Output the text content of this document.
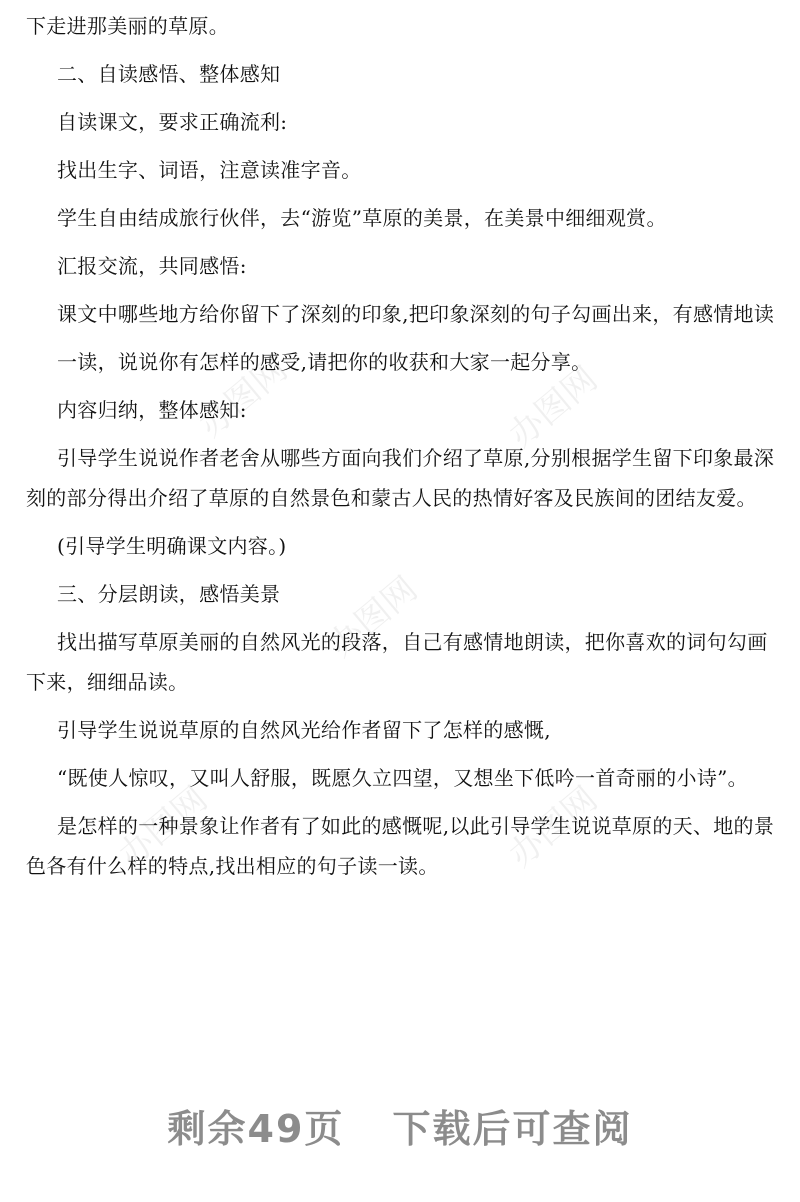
办图网	办图网
办图网
办图网	办图网

下走进那美丽的草原。

二、自读感悟、整体感知

自读课文，要求正确流利:

找出生字、词语，注意读准字音。

学生自由结成旅行伙伴，去“游览”草原的美景，在美景中细细观赏。

汇报交流，共同感悟:

课文中哪些地方给你留下了深刻的印象,把印象深刻的句子勾画出来，有感情地读

一读，说说你有怎样的感受,请把你的收获和大家一起分享。

内容归纳，整体感知:

引导学生说说作者老舍从哪些方面向我们介绍了草原,分别根据学生留下印象最深刻的部分得出介绍了草原的自然景色和蒙古人民的热情好客及民族间的团结友爱。

(引导学生明确课文内容。)

三、分层朗读，感悟美景

找出描写草原美丽的自然风光的段落，自己有感情地朗读，把你喜欢的词句勾画下来，细细品读。

引导学生说说草原的自然风光给作者留下了怎样的感慨,

“既使人惊叹，又叫人舒服，既愿久立四望，又想坐下低吟一首奇丽的小诗”。

是怎样的一种景象让作者有了如此的感慨呢,以此引导学生说说草原的天、地的景色各有什么样的特点,找出相应的句子读一读。

剩余49页 下载后可查阅
